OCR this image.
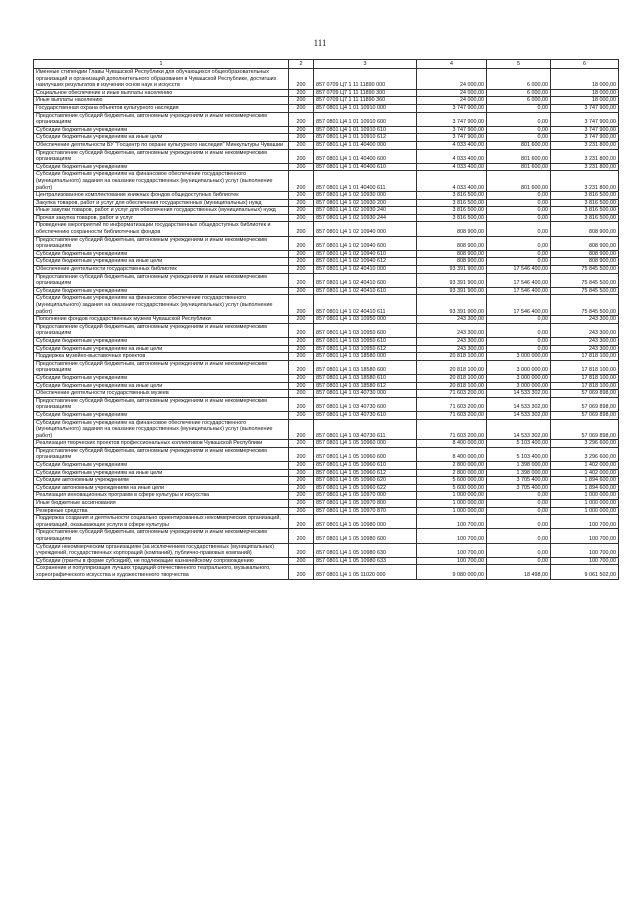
111
1	2	3	4	5	6
Именные стипендии Главы Чувашской Республики для обучающихся общеобразовательных организаций и организаций дополнительного образования в Чувашской Республике, достигших наилучших результатов в изучении основ наук и искусств	200	857 0709 Ц7 1 11 11890 000	24 000,00	6 000,00	18 000,00
Социальное обеспечение и иные выплаты населению	200	857 0709 Ц7 1 11 11890 300	24 000,00	6 000,00	18 000,00
Иные выплаты населению	200	857 0709 Ц7 1 11 11890 360	24 000,00	6 000,00	18 000,00
Государственная охрана объектов культурного наследия	200	857 0801 Ц4 1 01 10910 000	3 747 900,00	0,00	3 747 900,00
Предоставление субсидий бюджетным, автономным учреждениям и иным некоммерческим организациям	200	857 0801 Ц4 1 01 10910 600	3 747 900,00	0,00	3 747 900,00
Субсидии бюджетным учреждениям	200	857 0801 Ц4 1 01 10910 610	3 747 900,00	0,00	3 747 900,00
Субсидии бюджетным учреждениям на иные цели	200	857 0801 Ц4 1 01 10910 612	3 747 900,00	0,00	3 747 900,00
Обеспечение деятельности БУ "Госцентр по охране культурного наследия" Минкультуры Чувашии	200	857 0801 Ц4 1 01 40400 000	4 033 400,00	801 600,00	3 231 800,00
Предоставление субсидий бюджетным, автономным учреждениям и иным некоммерческим организациям	200	857 0801 Ц4 1 01 40400 600	4 033 400,00	801 600,00	3 231 800,00
Субсидии бюджетным учреждениям	200	857 0801 Ц4 1 01 40400 610	4 033 400,00	801 600,00	3 231 800,00
Субсидии бюджетным учреждениям на финансовое обеспечение государственного (муниципального) задания на оказание государственных (муниципальных) услуг (выполнение работ)	200	857 0801 Ц4 1 01 40400 611	4 033 400,00	801 600,00	3 231 800,00
Централизованное комплектование книжных фондов общедоступных библиотек	200	857 0801 Ц4 1 02 10930 000	3 816 500,00	0,00	3 816 500,00
Закупка товаров, работ и услуг для обеспечения государственных (муниципальных) нужд	200	857 0801 Ц4 1 02 10930 200	3 816 500,00	0,00	3 816 500,00
Иные закупки товаров, работ и услуг для обеспечения государственных (муниципальных) нужд	200	857 0801 Ц4 1 02 10930 240	3 816 500,00	0,00	3 816 500,00
Прочая закупка товаров, работ и услуг	200	857 0801 Ц4 1 02 10930 244	3 816 500,00	0,00	3 816 500,00
Проведение мероприятий по информатизации государственных общедоступных библиотек и обеспечению сохранности библиотечных фондов	200	857 0801 Ц4 1 02 10940 000	808 900,00	0,00	808 900,00
Предоставление субсидий бюджетным, автономным учреждениям и иным некоммерческим организациям	200	857 0801 Ц4 1 02 10940 600	808 900,00	0,00	808 900,00
Субсидии бюджетным учреждениям	200	857 0801 Ц4 1 02 10940 610	808 900,00	0,00	808 900,00
Субсидии бюджетным учреждениям на иные цели	200	857 0801 Ц4 1 02 10940 612	808 900,00	0,00	808 900,00
Обеспечение деятельности государственных библиотек	200	857 0801 Ц4 1 02 40410 000	93 391 900,00	17 546 400,00	75 845 500,00
Предоставление субсидий бюджетным, автономным учреждениям и иным некоммерческим организациям	200	857 0801 Ц4 1 02 40410 600	93 391 900,00	17 546 400,00	75 845 500,00
Субсидии бюджетным учреждениям	200	857 0801 Ц4 1 02 40410 610	93 391 900,00	17 546 400,00	75 845 500,00
Субсидии бюджетным учреждениям на финансовое обеспечение государственного (муниципального) задания на оказание государственных (муниципальных) услуг (выполнение работ)	200	857 0801 Ц4 1 02 40410 611	93 391 900,00	17 546 400,00	75 845 500,00
Пополнение фондов государственных музеев Чувашской Республики	200	857 0801 Ц4 1 03 10950 000	243 300,00	0,00	243 300,00
Предоставление субсидий бюджетным, автономным учреждениям и иным некоммерческим организациям	200	857 0801 Ц4 1 03 10950 600	243 300,00	0,00	243 300,00
Субсидии бюджетным учреждениям	200	857 0801 Ц4 1 03 10950 610	243 300,00	0,00	243 300,00
Субсидии бюджетным учреждениям на иные цели	200	857 0801 Ц4 1 03 10950 612	243 300,00	0,00	243 300,00
Поддержка музейно-выставочных проектов	200	857 0801 Ц4 1 03 18580 000	20 818 100,00	3 000 000,00	17 818 100,00
Предоставление субсидий бюджетным, автономным учреждениям и иным некоммерческим организациям	200	857 0801 Ц4 1 03 18580 600	20 818 100,00	3 000 000,00	17 818 100,00
Субсидии бюджетным учреждениям	200	857 0801 Ц4 1 03 18580 610	20 818 100,00	3 000 000,00	17 818 100,00
Субсидии бюджетным учреждениям на иные цели	200	857 0801 Ц4 1 03 18580 612	20 818 100,00	3 000 000,00	17 818 100,00
Обеспечение деятельности государственных музеев	200	857 0801 Ц4 1 03 40730 000	71 603 200,00	14 533 302,00	57 069 898,00
Предоставление субсидий бюджетным, автономным учреждениям и иным некоммерческим организациям	200	857 0801 Ц4 1 03 40730 600	71 603 200,00	14 533 302,00	57 069 898,00
Субсидии бюджетным учреждениям	200	857 0801 Ц4 1 03 40730 610	71 603 200,00	14 533 302,00	57 069 898,00
Субсидии бюджетным учреждениям на финансовое обеспечение государственного (муниципального) задания на оказание государственных (муниципальных) услуг (выполнение работ)	200	857 0801 Ц4 1 03 40730 611	71 603 200,00	14 533 302,00	57 069 898,00
Реализация творческих проектов профессиональных коллективов Чувашской Республики	200	857 0801 Ц4 1 05 10960 000	8 400 000,00	5 103 400,00	3 296 600,00
Предоставление субсидий бюджетным, автономным учреждениям и иным некоммерческим организациям	200	857 0801 Ц4 1 05 10960 600	8 400 000,00	5 103 400,00	3 296 600,00
Субсидии бюджетным учреждениям	200	857 0801 Ц4 1 05 10960 610	2 800 000,00	1 398 000,00	1 402 000,00
Субсидии бюджетным учреждениям на иные цели	200	857 0801 Ц4 1 05 10960 612	2 800 000,00	1 398 000,00	1 402 000,00
Субсидии автономным учреждениям	200	857 0801 Ц4 1 05 10960 620	5 600 000,00	3 705 400,00	1 894 600,00
Субсидии автономным учреждениям на иные цели	200	857 0801 Ц4 1 05 10960 622	5 600 000,00	3 705 400,00	1 894 600,00
Реализация инновационных программ в сфере культуры и искусства	200	857 0801 Ц4 1 05 10970 000	1 000 000,00	0,00	1 000 000,00
Иные бюджетные ассигнования	200	857 0801 Ц4 1 05 10970 800	1 000 000,00	0,00	1 000 000,00
Резервные средства	200	857 0801 Ц4 1 05 10970 870	1 000 000,00	0,00	1 000 000,00
Поддержка создания и деятельности социально ориентированных некоммерческих организаций, организаций, оказывающих услуги в сфере культуры	200	857 0801 Ц4 1 05 10980 000	100 700,00	0,00	100 700,00
Предоставление субсидий бюджетным, автономным учреждениям и иным некоммерческим организациям	200	857 0801 Ц4 1 05 10980 600	100 700,00	0,00	100 700,00
Субсидии некоммерческим организациям (за исключением государственных (муниципальных) учреждений, государственных корпораций (компаний), публично-правовых компаний)	200	857 0801 Ц4 1 05 10980 630	100 700,00	0,00	100 700,00
Субсидии (гранты в форме субсидий), не подлежащие казначейскому сопровождению	200	857 0801 Ц4 1 05 10980 633	100 700,00	0,00	100 700,00
Сохранение и популяризация лучших традиций отечественного театрального, музыкального, хореографического искусства и художественного творчества	200	857 0801 Ц4 1 05 11020 000	9 080 000,00	18 498,00	9 061 502,00
